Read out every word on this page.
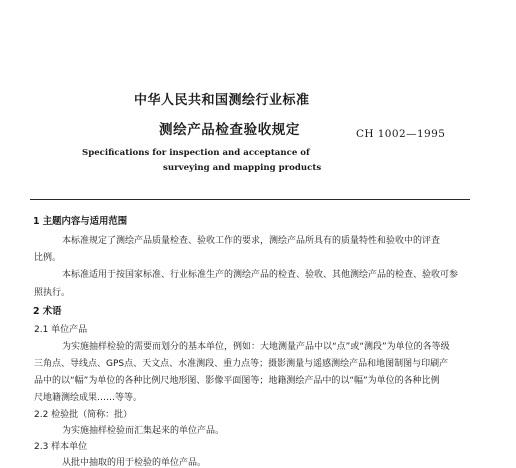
中华人民共和国测绘行业标准
测绘产品检查验收规定	CH 1002—1995
Specifications for inspection and acceptance of
surveying and mapping products
1 主题内容与适用范围
本标准规定了测绘产品质量检查、验收工作的要求，测绘产品所具有的质量特性和验收中的评査
比例。
本标准适用于按国家标准、行业标准生产的测绘产品的检査、验收、其他测绘产品的检查、验收可参
照执行。
2 术语
2.1 单位产品
为实施抽样检验的需要而划分的基本单位，例如：大地测量产品中以“点”或“测段”为单位的各等级
三角点、导线点、GPS点、天文点、水准测段、重力点等；摄影测量与遥感测绘产品和地图制图与印刷产
品中的以“幅”为单位的各种比例尺地形图、影像平面图等；地籍测绘产品中的以“幅”为单位的各种比例
尺地籍测绘成果……等等。
2.2 检验批（简称：批）
为实施抽样检验而汇集起来的单位产品。
2.3 样本单位
从批中抽取的用于检验的单位产品。
